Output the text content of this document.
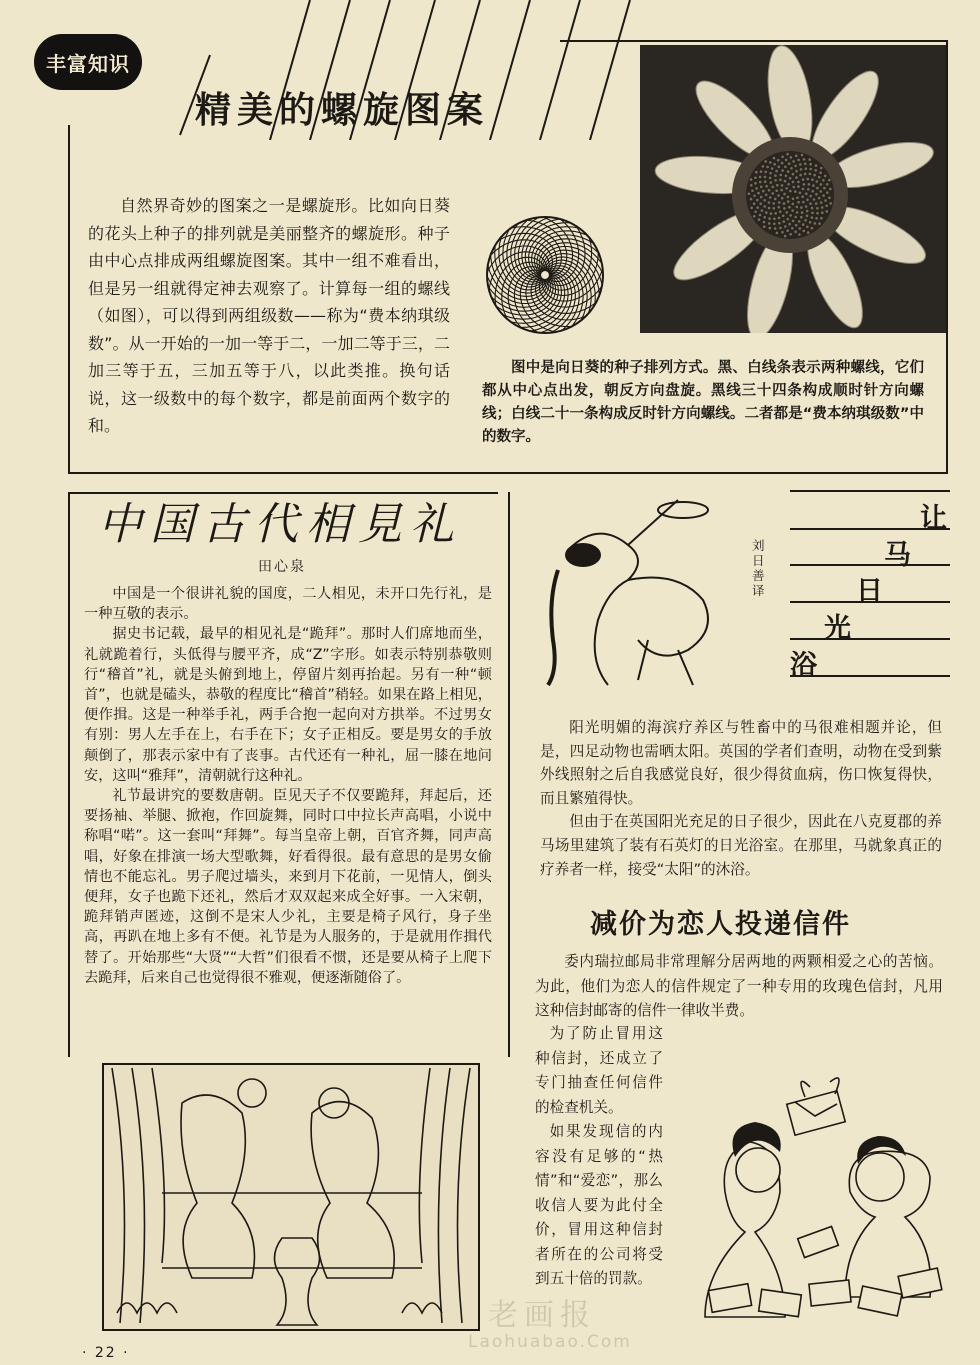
丰富知识
精美的螺旋图案
自然界奇妙的图案之一是螺旋形。比如向日葵的花头上种子的排列就是美丽整齐的螺旋形。种子由中心点排成两组螺旋图案。其中一组不难看出，但是另一组就得定神去观察了。计算每一组的螺线（如图），可以得到两组级数——称为“费本纳琪级数”。从一开始的一加一等于二，一加二等于三，二加三等于五，三加五等于八，以此类推。换句话说，这一级数中的每个数字，都是前面两个数字的和。
图中是向日葵的种子排列方式。黑、白线条表示两种螺线，它们都从中心点出发，朝反方向盘旋。黑线三十四条构成顺时针方向螺线；白线二十一条构成反时针方向螺线。二者都是“费本纳琪级数”中的数字。
中国古代相見礼
田心泉

中国是一个很讲礼貌的国度，二人相见，未开口先行礼，是一种互敬的表示。

据史书记载，最早的相见礼是“跪拜”。那时人们席地而坐，礼就跪着行，头低得与腰平齐，成“Z”字形。如表示特别恭敬则行“稽首”礼，就是头俯到地上，停留片刻再抬起。另有一种“顿首”，也就是磕头，恭敬的程度比“稽首”稍轻。如果在路上相见，便作揖。这是一种举手礼，两手合抱一起向对方拱举。不过男女有别：男人左手在上，右手在下；女子正相反。要是男女的手放颠倒了，那表示家中有了丧事。古代还有一种礼，屈一膝在地问安，这叫“雅拜”，清朝就行这种礼。

礼节最讲究的要数唐朝。臣见天子不仅要跪拜，拜起后，还要扬袖、举腿、掀袍，作回旋舞，同时口中拉长声高唱，小说中称唱“喏”。这一套叫“拜舞”。每当皇帝上朝，百官齐舞，同声高唱，好象在排演一场大型歌舞，好看得很。最有意思的是男女偷情也不能忘礼。男子爬过墙头，来到月下花前，一见情人，倒头便拜，女子也跪下还礼，然后才双双起来成全好事。一入宋朝，跪拜销声匿迹，这倒不是宋人少礼，主要是椅子风行，身子坐高，再趴在地上多有不便。礼节是为人服务的，于是就用作揖代替了。开始那些“大贤”“大哲”们很看不惯，还是要从椅子上爬下去跪拜，后来自己也觉得很不雅观，便逐渐随俗了。

刘日善译
让
马
日
光
浴

阳光明媚的海滨疗养区与牲畜中的马很难相题并论，但是，四足动物也需晒太阳。英国的学者们查明，动物在受到紫外线照射之后自我感觉良好，很少得贫血病，伤口恢复得快，而且繁殖得快。

但由于在英国阳光充足的日子很少，因此在八克夏郡的养马场里建筑了装有石英灯的日光浴室。在那里，马就象真正的疗养者一样，接受“太阳”的沐浴。

减价为恋人投递信件
委内瑞拉邮局非常理解分居两地的两颗相爱之心的苦恼。为此，他们为恋人的信件规定了一种专用的玫瑰色信封，凡用这种信封邮寄的信件一律收半费。

为了防止冒用这种信封，还成立了专门抽查任何信件的检查机关。

如果发现信的内容没有足够的“热情”和“爱恋”，那么收信人要为此付全价，冒用这种信封者所在的公司将受到五十倍的罚款。

· 22 ·
老画报
Laohuabao.Com
